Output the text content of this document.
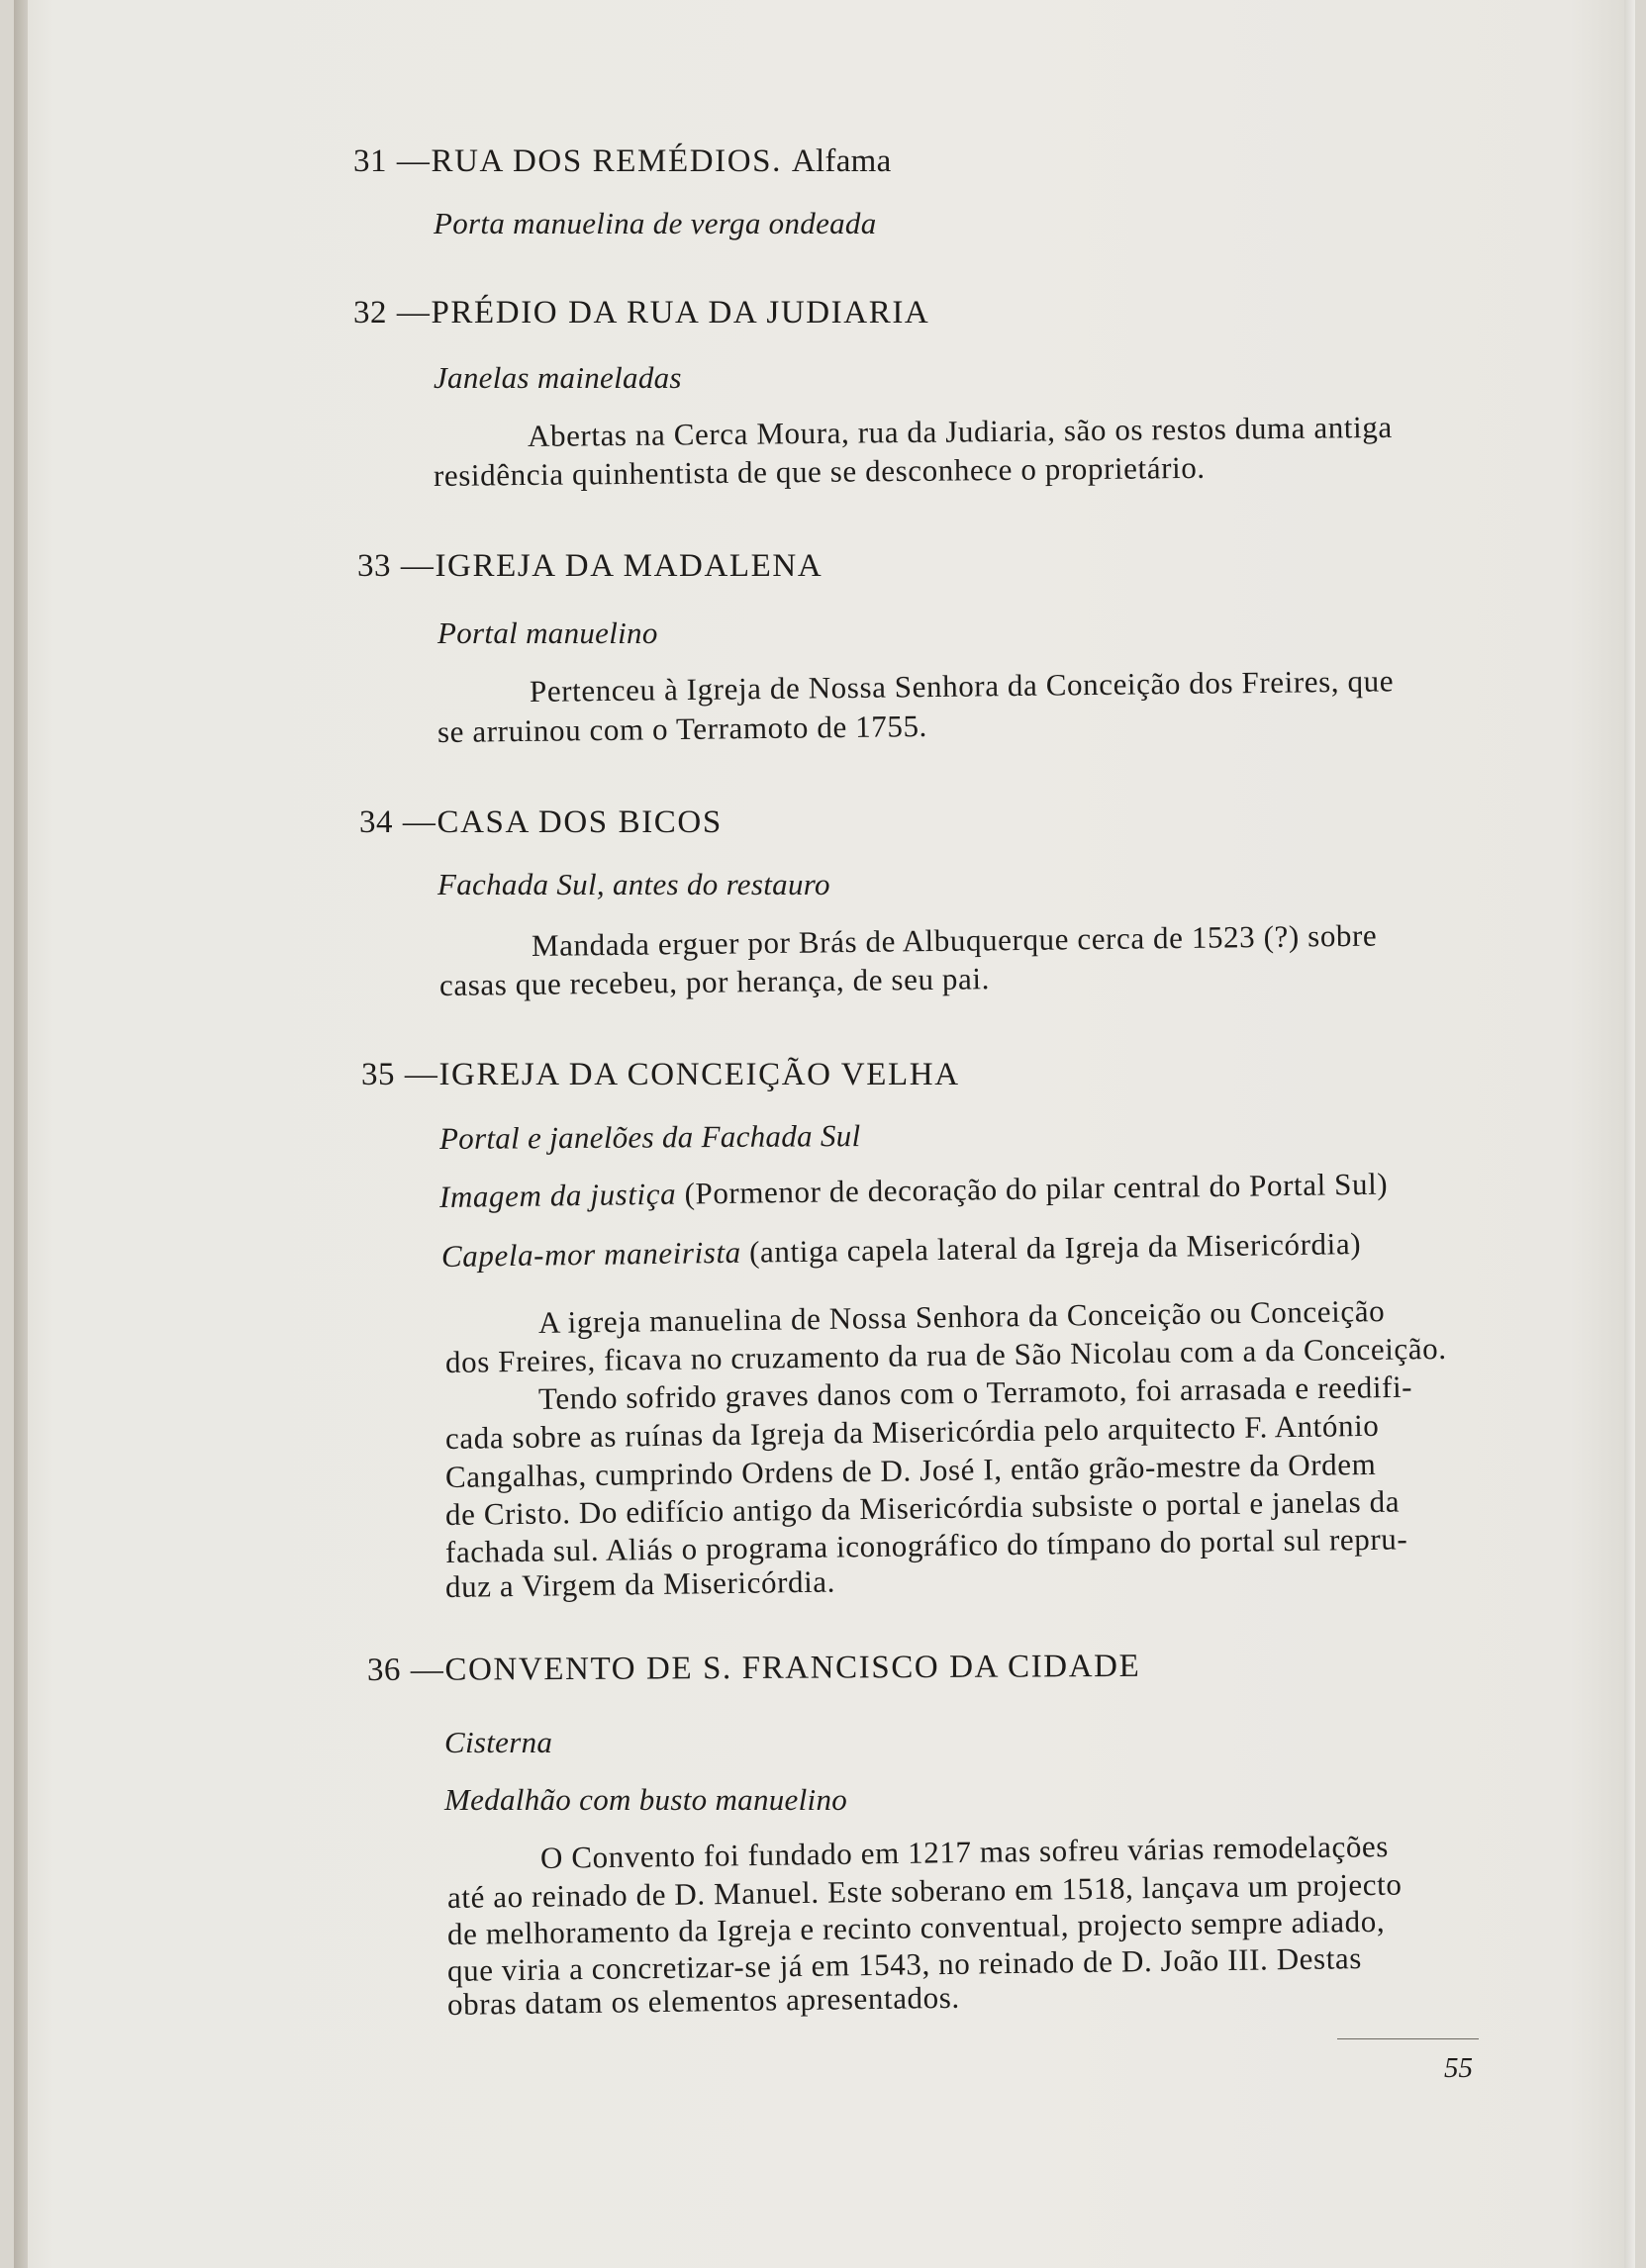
31 —RUA DOS REMÉDIOS. Alfama
Porta manuelina de verga ondeada
32 —PRÉDIO DA RUA DA JUDIARIA
Janelas maineladas
Abertas na Cerca Moura, rua da Judiaria, são os restos duma antiga
residência quinhentista de que se desconhece o proprietário.
33 —IGREJA DA MADALENA
Portal manuelino
Pertenceu à Igreja de Nossa Senhora da Conceição dos Freires, que
se arruinou com o Terramoto de 1755.
34 —CASA DOS BICOS
Fachada Sul, antes do restauro
Mandada erguer por Brás de Albuquerque cerca de 1523 (?) sobre
casas que recebeu, por herança, de seu pai.
35 —IGREJA DA CONCEIÇÃO VELHA
Portal e janelões da Fachada Sul
Imagem da justiça (Pormenor de decoração do pilar central do Portal Sul)
Capela-mor maneirista (antiga capela lateral da Igreja da Misericórdia)
A igreja manuelina de Nossa Senhora da Conceição ou Conceição
dos Freires, ficava no cruzamento da rua de São Nicolau com a da Conceição.
Tendo sofrido graves danos com o Terramoto, foi arrasada e reedifi-
cada sobre as ruínas da Igreja da Misericórdia pelo arquitecto F. António
Cangalhas, cumprindo Ordens de D. José I, então grão-mestre da Ordem
de Cristo. Do edifício antigo da Misericórdia subsiste o portal e janelas da
fachada sul. Aliás o programa iconográfico do tímpano do portal sul repru-
duz a Virgem da Misericórdia.
36 —CONVENTO DE S. FRANCISCO DA CIDADE
Cisterna
Medalhão com busto manuelino
O Convento foi fundado em 1217 mas sofreu várias remodelações
até ao reinado de D. Manuel. Este soberano em 1518, lançava um projecto
de melhoramento da Igreja e recinto conventual, projecto sempre adiado,
que viria a concretizar-se já em 1543, no reinado de D. João III. Destas
obras datam os elementos apresentados.
55
